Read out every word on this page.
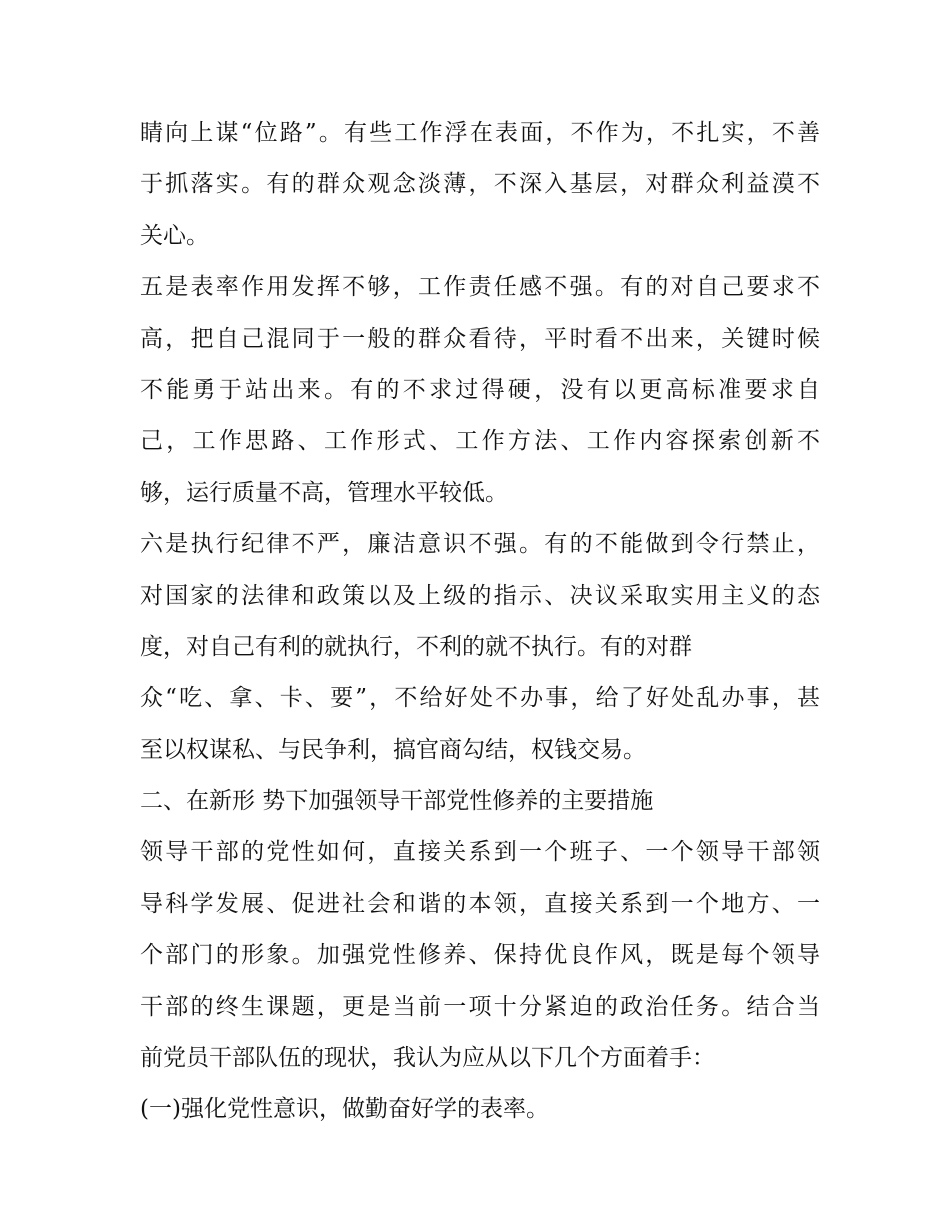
睛向上谋“位路”。有些工作浮在表面，不作为，不扎实，不善
于抓落实。有的群众观念淡薄，不深入基层，对群众利益漠不
关心。
五是表率作用发挥不够，工作责任感不强。有的对自己要求不
高，把自己混同于一般的群众看待，平时看不出来，关键时候
不能勇于站出来。有的不求过得硬，没有以更高标准要求自
己，工作思路、工作形式、工作方法、工作内容探索创新不
够，运行质量不高，管理水平较低。
六是执行纪律不严，廉洁意识不强。有的不能做到令行禁止，
对国家的法律和政策以及上级的指示、决议采取实用主义的态
度，对自己有利的就执行，不利的就不执行。有的对群
众“吃、拿、卡、要”，不给好处不办事，给了好处乱办事，甚
至以权谋私、与民争利，搞官商勾结，权钱交易。
二、在新形 势下加强领导干部党性修养的主要措施
领导干部的党性如何，直接关系到一个班子、一个领导干部领
导科学发展、促进社会和谐的本领，直接关系到一个地方、一
个部门的形象。加强党性修养、保持优良作风，既是每个领导
干部的终生课题，更是当前一项十分紧迫的政治任务。结合当
前党员干部队伍的现状，我认为应从以下几个方面着手：
(一)强化党性意识，做勤奋好学的表率。
